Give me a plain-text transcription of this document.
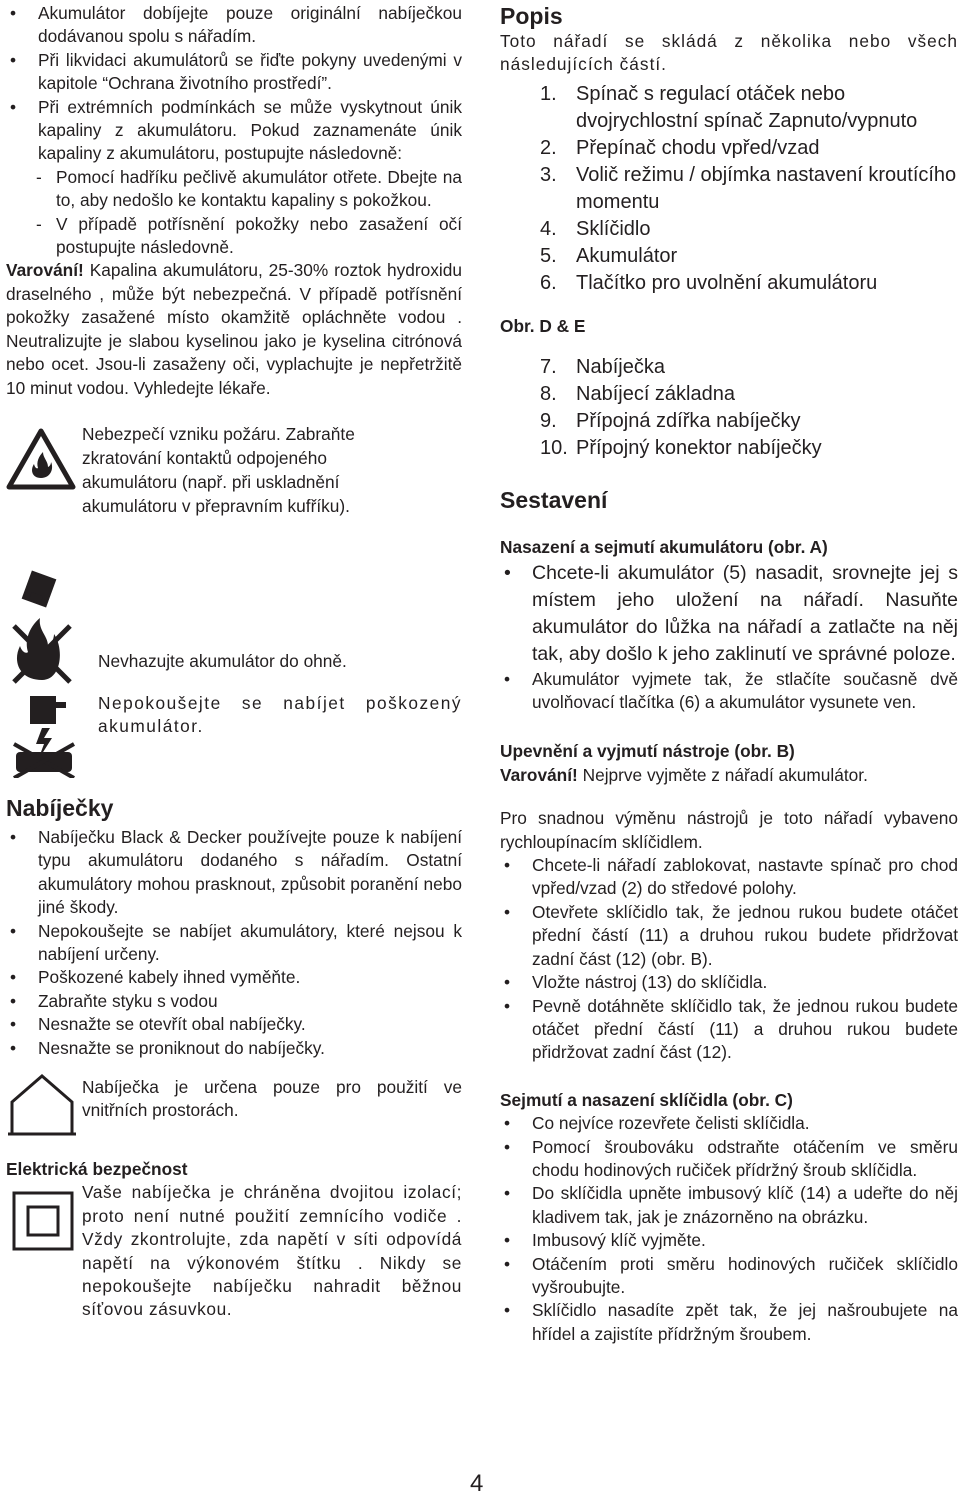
• Akumulátor dobíjejte pouze originální nabíječkou dodávanou spolu s nářadím.
• Při likvidaci akumulátorů se řiďte pokyny uvedenými v kapitole “Ochrana životního prostředí”.
• Při extrémních podmínkách se může vyskytnout únik kapaliny z akumulátoru. Pokud zaznamenáte únik kapaliny z akumulátoru, postupujte následovně:
- Pomocí hadříku pečlivě akumulátor otřete. Dbejte na to, aby nedošlo ke kontaktu kapaliny s pokožkou.
- V případě potřísnění pokožky nebo zasažení očí postupujte následovně.

Varování! Kapalina akumulátoru, 25-30% roztok hydroxidu draselného , může být nebezpečná. V případě potřísnění pokožky zasažené místo okamžitě opláchněte vodou . Neutralizujte je slabou kyselinou jako je kyselina citrónová nebo ocet. Jsou-li zasaženy oči, vyplachujte je nepřetržitě 10 minut vodou. Vyhledejte lékaře.

Nebezpečí vzniku požáru. Zabraňte zkratování kontaktů odpojeného akumulátoru (např. při uskladnění akumulátoru v přepravním kufříku).

Nevhazujte akumulátor do ohně.

Nepokoušejte se nabíjet poškozený akumulátor.

Nabíječky
• Nabíječku Black & Decker používejte pouze k nabíjení typu akumulátoru dodaného s nářadím. Ostatní akumulátory mohou prasknout, způsobit poranění nebo jiné škody.
• Nepokoušejte se nabíjet akumulátory, které nejsou k nabíjení určeny.
• Poškozené kabely ihned vyměňte.
• Zabraňte styku s vodou
• Nesnažte se otevřít obal nabíječky.
• Nesnažte se proniknout do nabíječky.

Nabíječka je určena pouze pro použití ve vnitřních prostorách.

Elektrická bezpečnost

Vaše nabíječka je chráněna dvojitou izolací; proto není nutné použití zemnícího vodiče . Vždy zkontrolujte, zda napětí v síti odpovídá napětí na výkonovém štítku . Nikdy se nepokoušejte nabíječku nahradit běžnou síťovou zásuvkou.

Popis

Toto nářadí se skládá z několika nebo všech následujících částí.

1. Spínač s regulací otáček nebo dvojrychlostní spínač Zapnuto/vypnuto
2. Přepínač chodu vpřed/vzad
3. Volič režimu / objímka nastavení kroutícího momentu
4. Sklíčidlo
5. Akumulátor
6. Tlačítko pro uvolnění akumulátoru
Obr. D & E
7. Nabíječka
8. Nabíjecí základna
9. Přípojná zdířka nabíječky
10. Přípojný konektor nabíječky
Sestavení
Nasazení a sejmutí akumulátoru (obr. A)
• Chcete-li akumulátor (5) nasadit, srovnejte jej s místem jeho uložení na nářadí. Nasuňte akumulátor do lůžka na nářadí a zatlačte na něj tak, aby došlo k jeho zaklinutí ve správné poloze.
• Akumulátor vyjmete tak, že stlačíte současně dvě uvolňovací tlačítka (6) a akumulátor vysunete ven.
Upevnění a vyjmutí nástroje (obr. B)

Varování! Nejprve vyjměte z nářadí akumulátor.

Pro snadnou výměnu nástrojů je toto nářadí vybaveno rychloupínacím sklíčidlem.

• Chcete-li nářadí zablokovat, nastavte spínač pro chod vpřed/vzad (2) do středové polohy.
• Otevřete sklíčidlo tak, že jednou rukou budete otáčet přední částí (11) a druhou rukou budete přidržovat zadní část (12) (obr. B).
• Vložte nástroj (13) do sklíčidla.
• Pevně dotáhněte sklíčidlo tak, že jednou rukou budete otáčet přední částí (11) a druhou rukou budete přidržovat zadní část (12).
Sejmutí a nasazení sklíčidla (obr. C)
• Co nejvíce rozevřete čelisti sklíčidla.
• Pomocí šroubováku odstraňte otáčením ve směru chodu hodinových ručiček přídržný šroub sklíčidla.
• Do sklíčidla upněte imbusový klíč (14) a udeřte do něj kladivem tak, jak je znázorněno na obrázku.
• Imbusový klíč vyjměte.
• Otáčením proti směru hodinových ručiček sklíčidlo vyšroubujte.
• Sklíčidlo nasadíte zpět tak, že jej našroubujete na hřídel a zajistíte přídržným šroubem.
4
